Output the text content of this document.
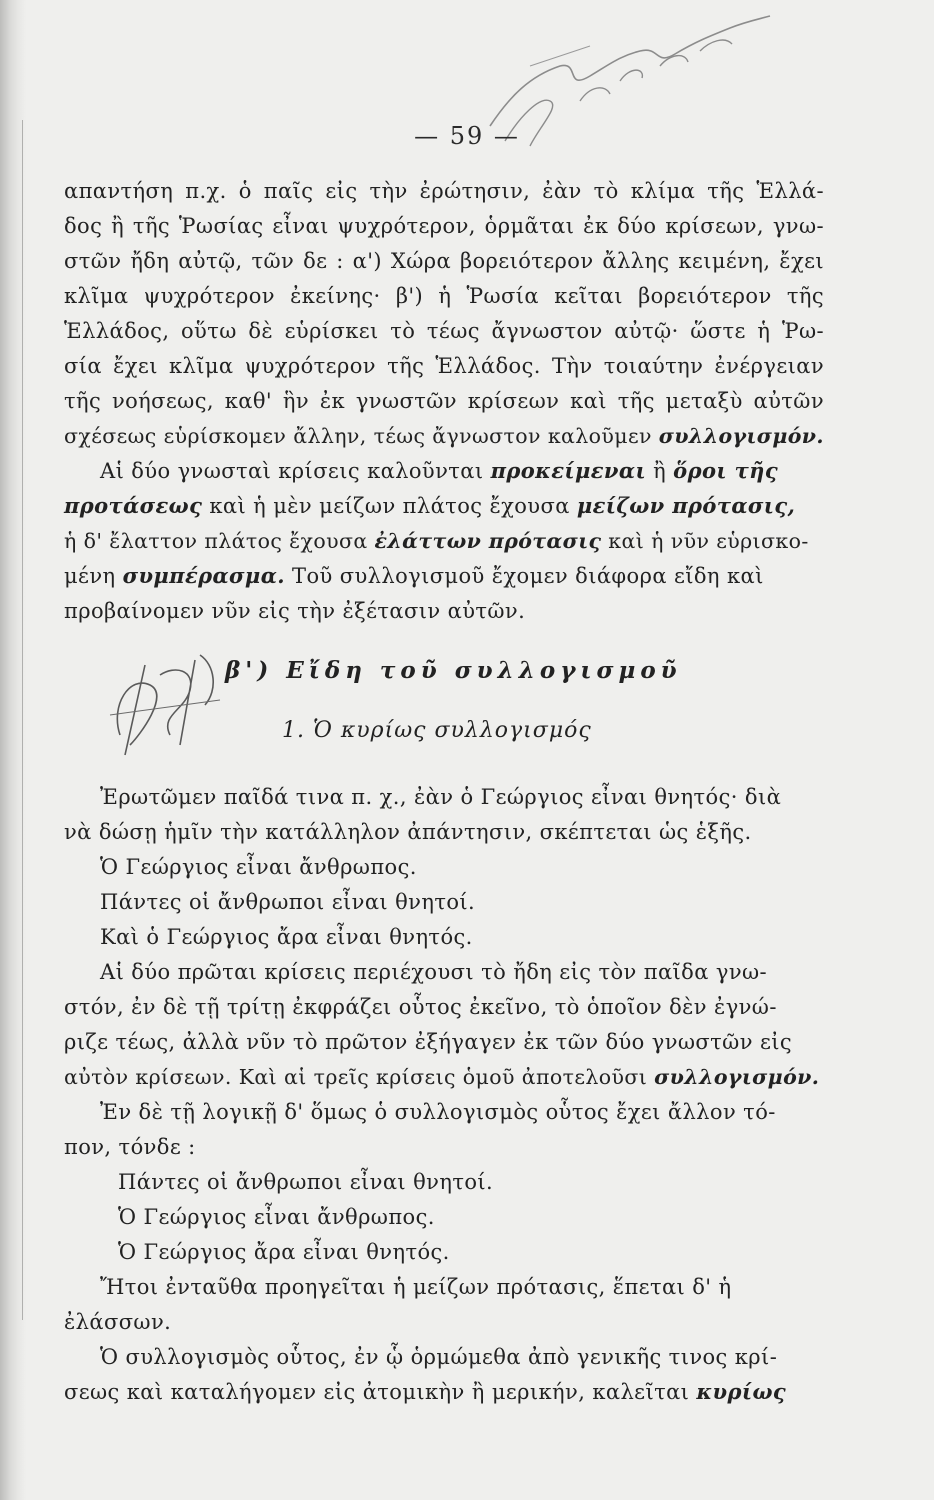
— 59 —
απαντήση π.χ. ὁ παῖς εἰς τὴν ἐρώτησιν, ἐὰν τὸ κλίμα τῆς Ἑλλά-
δος ἢ τῆς Ῥωσίας εἶναι ψυχρότερον, ὁρμᾶται ἐκ δύο κρίσεων, γνω-
στῶν ἤδη αὐτῷ, τῶν δε : α') Χώρα βορειότερον ἄλλης κειμένη, ἔχει
κλῖμα ψυχρότερον ἐκείνης· β') ἡ Ῥωσία κεῖται βορειότερον τῆς
Ἑλλάδος, οὕτω δὲ εὑρίσκει τὸ τέως ἄγνωστον αὐτῷ· ὥστε ἡ Ῥω-
σία ἔχει κλῖμα ψυχρότερον τῆς Ἑλλάδος. Τὴν τοιαύτην ἐνέργειαν
τῆς νοήσεως, καθ' ἣν ἐκ γνωστῶν κρίσεων καὶ τῆς μεταξὺ αὐτῶν
σχέσεως εὑρίσκομεν ἄλλην, τέως ἄγνωστον καλοῦμεν συλλογισμόν.
Αἱ δύο γνωσταὶ κρίσεις καλοῦνται προκείμεναι ἢ ὅροι τῆς
προτάσεως καὶ ἡ μὲν μείζων πλάτος ἔχουσα μείζων πρότασις,
ἡ δ' ἔλαττον πλάτος ἔχουσα ἐλάττων πρότασις καὶ ἡ νῦν εὑρισκο-
μένη συμπέρασμα. Τοῦ συλλογισμοῦ ἔχομεν διάφορα εἴδη καὶ
προβαίνομεν νῦν εἰς τὴν ἐξέτασιν αὐτῶν.
β') Εἴδη τοῦ συλλογισμοῦ
1. Ὁ κυρίως συλλογισμός
Ἐρωτῶμεν παῖδά τινα π. χ., ἐὰν ὁ Γεώργιος εἶναι θνητός· διὰ
νὰ δώσῃ ἡμῖν τὴν κατάλληλον ἀπάντησιν, σκέπτεται ὡς ἑξῆς.
Ὁ Γεώργιος εἶναι ἄνθρωπος.
Πάντες οἱ ἄνθρωποι εἶναι θνητοί.
Καὶ ὁ Γεώργιος ἄρα εἶναι θνητός.
Αἱ δύο πρῶται κρίσεις περιέχουσι τὸ ἤδη εἰς τὸν παῖδα γνω-
στόν, ἐν δὲ τῇ τρίτῃ ἐκφράζει οὗτος ἐκεῖνο, τὸ ὁποῖον δὲν ἐγνώ-
ριζε τέως, ἀλλὰ νῦν τὸ πρῶτον ἐξήγαγεν ἐκ τῶν δύο γνωστῶν εἰς
αὐτὸν κρίσεων. Καὶ αἱ τρεῖς κρίσεις ὁμοῦ ἀποτελοῦσι συλλογισμόν.
Ἐν δὲ τῇ λογικῇ δ' ὅμως ὁ συλλογισμὸς οὗτος ἔχει ἄλλον τό-
πον, τόνδε :
Πάντες οἱ ἄνθρωποι εἶναι θνητοί.
Ὁ Γεώργιος εἶναι ἄνθρωπος.
Ὁ Γεώργιος ἄρα εἶναι θνητός.
Ἤτοι ἐνταῦθα προηγεῖται ἡ μείζων πρότασις, ἕπεται δ' ἡ
ἐλάσσων.
Ὁ συλλογισμὸς οὗτος, ἐν ᾧ ὁρμώμεθα ἀπὸ γενικῆς τινος κρί-
σεως καὶ καταλήγομεν εἰς ἀτομικὴν ἢ μερικήν, καλεῖται κυρίως
